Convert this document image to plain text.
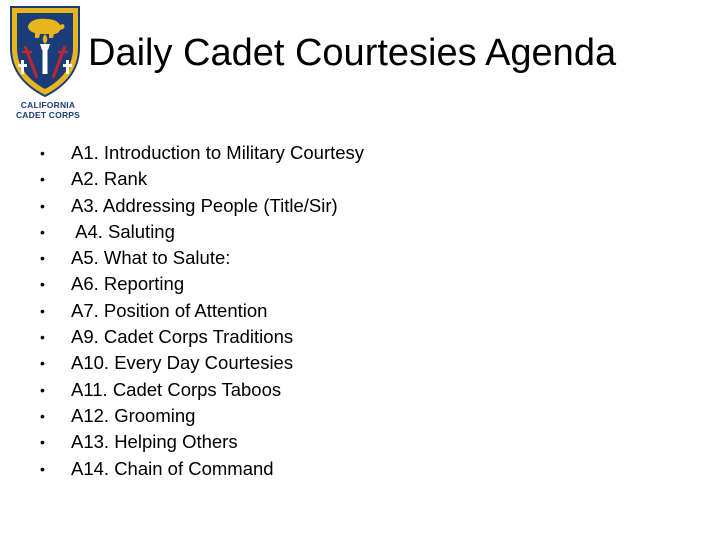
CALIFORNIA
CADET CORPS
Daily Cadet Courtesies Agenda
• A1. Introduction to Military Courtesy
• A2. Rank
• A3. Addressing People (Title/Sir)
• A4. Saluting
• A5. What to Salute:
• A6. Reporting
• A7. Position of Attention
• A9. Cadet Corps Traditions
• A10. Every Day Courtesies
• A11. Cadet Corps Taboos
• A12. Grooming
• A13. Helping Others
• A14. Chain of Command
